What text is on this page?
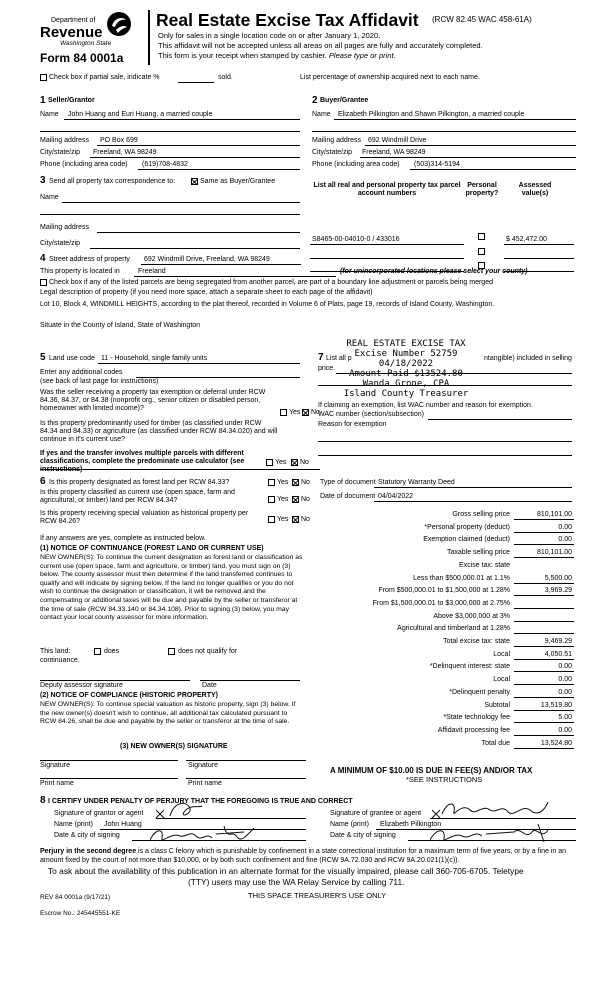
Department of
Revenue
Washington State
Form 84 0001a
Real Estate Excise Tax Affidavit (RCW 82.45 WAC 458-61A)
Only for sales in a single location code on or after January 1, 2020.
This affidavit will not be accepted unless all areas on all pages are fully and accurately completed.
This form is your receipt when stamped by cashier. Please type or print.
Check box if partial sale, indicate %	sold.	List percentage of ownership acquired next to each name.
1 Seller/Grantor
Name John Huang and Euri Huang, a married couple
Mailing address PO Box 699
City/state/zip Freeland, WA 98249
Phone (including area code) (619)708-4832
2 Buyer/Grantee
Name Elizabeth Pilkington and Shawn Pilkington, a married couple
Mailing address 692 Windmill Drive
City/state/zip Freeland, WA 98249
Phone (including area code) (503)314-5194
3 Send all property tax correspondence to:	Same as Buyer/Grantee
Name
Mailing address
City/state/zip
List all real and personal property tax parcel account numbers
Personal property?
Assessed value(s)
S8465-00-04010-0 / 433016	$ 452,472.00
4 Street address of property 692 Windmill Drive, Freeland, WA 98249
This property is located in	Freeland	(for unincorporated locations please select your county)
Check box if any of the listed parcels are being segregated from another parcel, are part of a boundary line adjustment or parcels being merged
Legal description of property (if you need more space, attach a separate sheet to each page of the affidavit)
Lot 10, Block 4, WINDMILL HEIGHTS, according to the plat thereof, recorded in Volume 6 of Plats, page 19, records of Island County, Washington.
Situate in the County of Island, State of Washington
REAL ESTATE EXCISE TAX
Excise Number 52759
04/18/2022
Amount Paid $13524.80
Wanda Grone, CPA
Island County Treasurer
5 Land use code 11 - Household, single family units
Enter any additional codes
(see back of last page for instructions)
Was the seller receiving a property tax exemption or deferral under RCW 84.36, 84.37, or 84.38 (nonprofit org., senior citizen or disabled person, homeowner with limited income)?
Yes No
Is this property predominantly used for timber (as classified under RCW 84.34 and 84.33) or agriculture (as classified under RCW 84.34.020) and will continue in it's current use?
If yes and the transfer involves multiple parcels with different classifications, complete the predominate use calculator (see instructions)
Yes No
7 List all p	ntangible) included in selling
price.
If claiming an exemption, list WAC number and reason for exemption.
WAC number (section/subsection)
Reason for exemption
Type of document Statutory Warranty Deed
Date of document 04/04/2022
6 Is this property designated as forest land per RCW 84.33?	Yes No
Is this property classified as current use (open space, farm and agricultural, or timber) land per RCW 84.34?	Yes No
Is this property receiving special valuation as historical property per RCW 84.26?	Yes No
If any answers are yes, complete as instructed below.
(1) NOTICE OF CONTINUANCE (FOREST LAND OR CURRENT USE)
NEW OWNER(S): To continue the current designation as forest land or classification as current use (open space, farm and agriculture, or timber) land, you must sign on (3) below. The county assessor must then determine if the land transferred continues to qualify and will indicate by signing below. If the land no longer qualifies or you do not wish to continue the designation or classification, it will be removed and the compensating or additional taxes will be due and payable by the seller or transferor at the time of sale (RCW 84.33.140 or 84.34.108). Prior to signing (3) below, you may contact your local county assessor for more information.
This land:	does	does not qualify for
continuance.
Deputy assessor signature	Date
(2) NOTICE OF COMPLIANCE (HISTORIC PROPERTY)
NEW OWNER(S): To continue special valuation as historic property, sign (3) below. If the new owner(s) doesn't wish to continue, all additional tax calculated pursuant to RCW 84.26, shall be due and payable by the seller or transferor at the time of sale.
(3) NEW OWNER(S) SIGNATURE
Signature	Signature
Print name	Print name
Gross selling price	810,101.00
*Personal property (deduct)	0.00
Exemption claimed (deduct)	0.00
Taxable selling price	810,101.00
Excise tax: state
Less than $500,000.01 at 1.1%	5,500.00
From $500,000.01 to $1,500,000 at 1.28%	3,969.29
From $1,500,000.01 to $3,000,000 at 2.75%
Above $3,000,000 at 3%
Agricultural and timberland at 1.28%
Total excise tax: state	9,469.29
Local	4,050.51
*Delinquent interest: state	0.00
Local	0.00
*Delinquent penalty	0.00
Subtotal	13,519.80
*State technology fee	5.00
Affidavit processing fee	0.00
Total due	13,524.80
A MINIMUM OF $10.00 IS DUE IN FEE(S) AND/OR TAX
*SEE INSTRUCTIONS
8 I CERTIFY UNDER PENALTY OF PERJURY THAT THE FOREGOING IS TRUE AND CORRECT
Signature of grantor or agent
Name (print) John Huang
Date & city of signing
Signature of grantee or agent
Name (print) Elizabeth Pilkington
Date & city of signing
Perjury in the second degree is a class C felony which is punishable by confinement in a state correctional institution for a maximum term of five years, or by a fine in an amount fixed by the court of not more than $10,000, or by both such confinement and fine (RCW 9A.72.030 and RCW 9A.20.021(1)(c)).
To ask about the availability of this publication in an alternate format for the visually impaired, please call 360-705-6705. Teletype
(TTY) users may use the WA Relay Service by calling 711.
REV 84 0001a (9/17/21)	THIS SPACE TREASURER'S USE ONLY
Escrow No.: 245445551-KE
